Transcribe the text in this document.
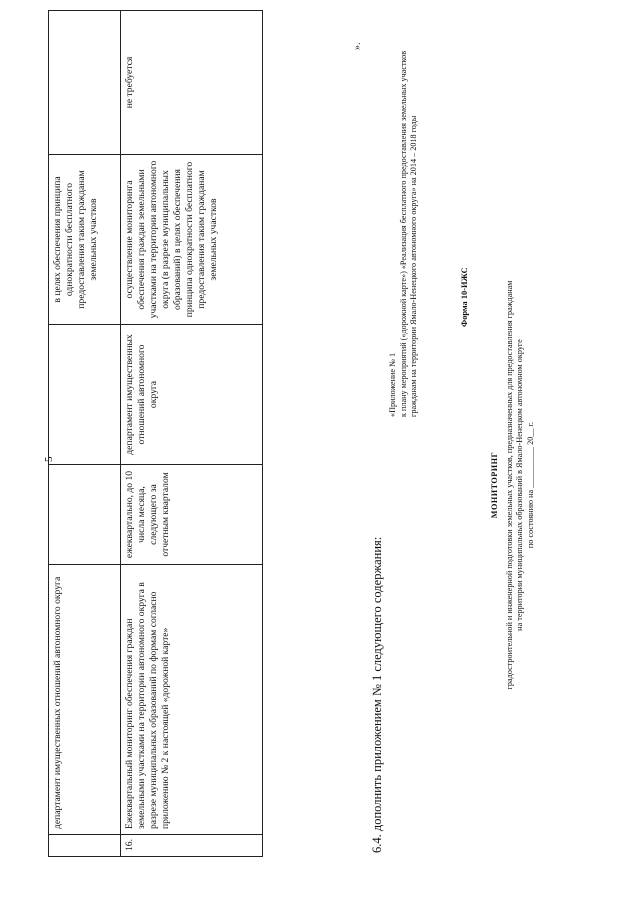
5
	департамент имущественных отношений автономного округа			в целях обеспечения принципа однократности бесплатного предоставления таким гражданам земельных участков	
16.	Ежеквартальный мониторинг обеспечения граждан земельными участками на территории автономного округа в разрезе муниципальных образований по формам согласно приложению № 2 к настоящей «дорожной карте»	ежеквартально, до 10 числа месяца, следующего за отчетным кварталом	департамент имущественных отношений автономного округа	осуществление мониторинга обеспечения граждан земельными участками на территории автономного округа (в разрезе муниципальных образований) в целях обеспечения принципа однократности бесплатного предоставления таким гражданам земельных участков	не требуется
».
6.4. дополнить приложением № 1 следующего содержания:

«Приложение № 1 к плану мероприятий («дорожной карте») «Реализация бесплатного предоставления земельных участков гражданам на территории Ямало-Ненецкого автономного округа» на 2014 – 2018 годы	Форма 10-ИЖС

МОНИТОРИНГ градостроительной и инженерной подготовки земельных участков, предназначенных для предоставления гражданам на территории муниципальных образований в Ямало-Ненецком автономном округе по состоянию на __________ 20__ г.
